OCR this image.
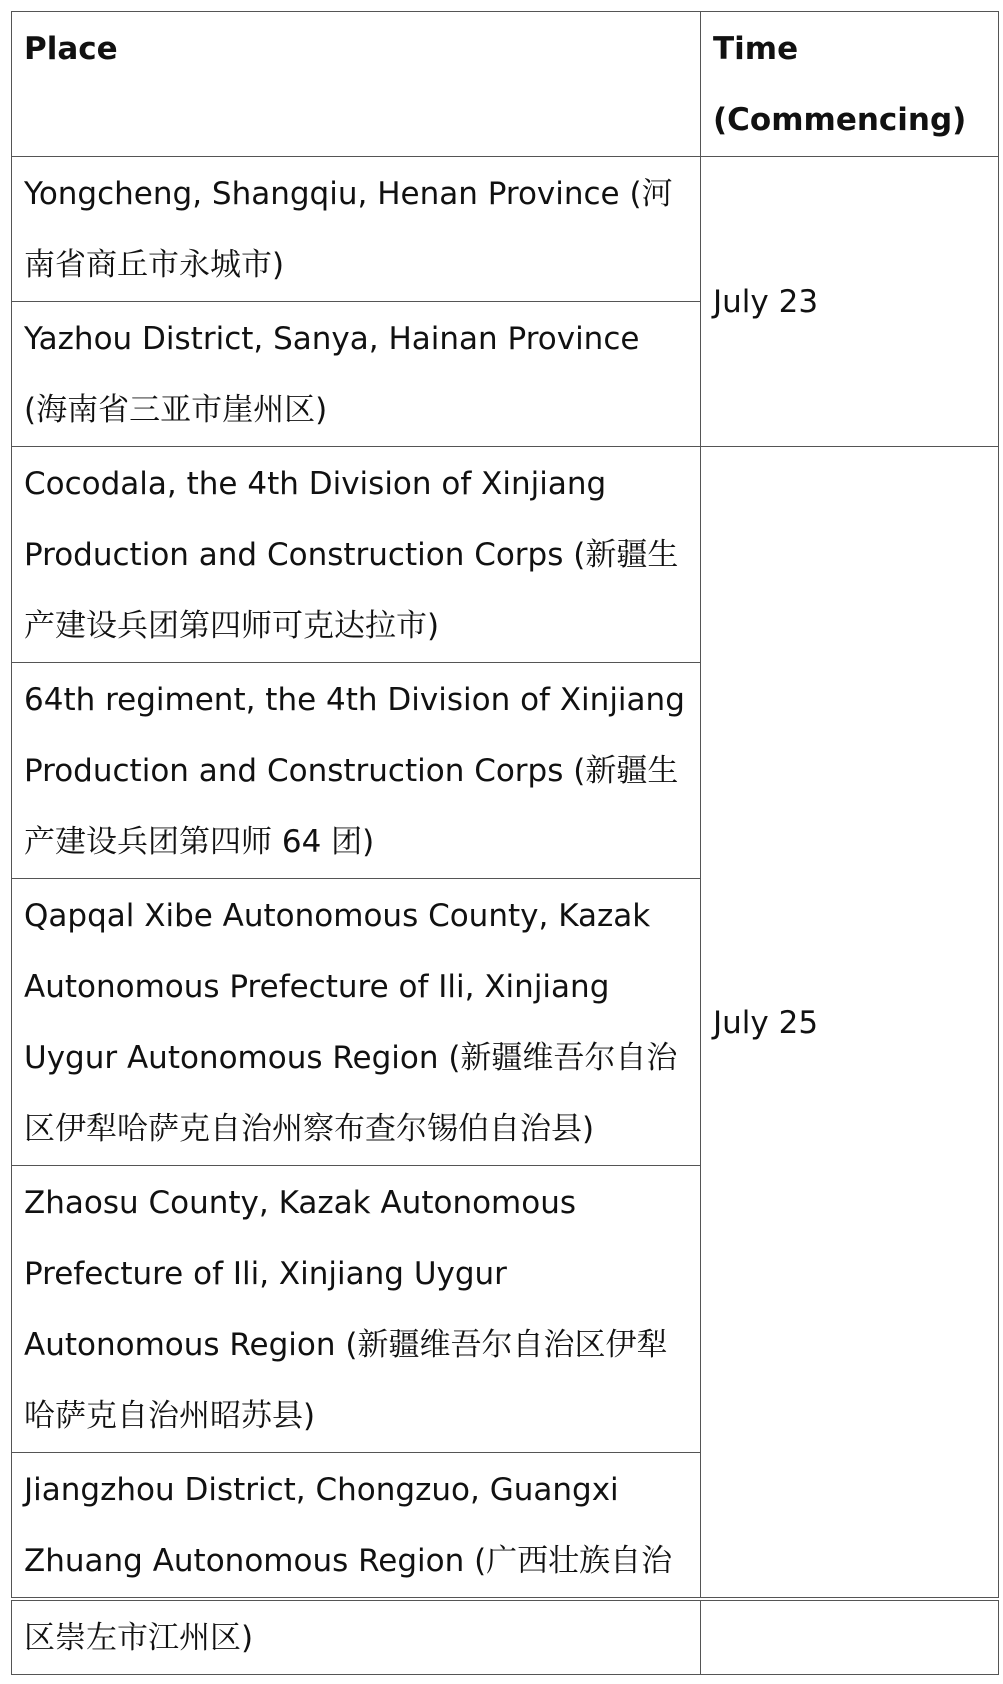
Place	Time
(Commencing)

Yongcheng, Shangqiu, Henan Province (河南省商丘市永城市)	July 23

Yazhou District, Sanya, Hainan Province (海南省三亚市崖州区)	

Cocodala, the 4th Division of Xinjiang Production and Construction Corps (新疆生产建设兵团第四师可克达拉市)	July 25

64th regiment, the 4th Division of Xinjiang Production and Construction Corps (新疆生产建设兵团第四师 64 团)	

Qapqal Xibe Autonomous County, Kazak Autonomous Prefecture of Ili, Xinjiang Uygur Autonomous Region (新疆维吾尔自治区伊犁哈萨克自治州察布查尔锡伯自治县)	

Zhaosu County, Kazak Autonomous Prefecture of Ili, Xinjiang Uygur Autonomous Region (新疆维吾尔自治区伊犁哈萨克自治州昭苏县)	

Jiangzhou District, Chongzuo, Guangxi Zhuang Autonomous Region (广西壮族自治	
区崇左市江州区)
